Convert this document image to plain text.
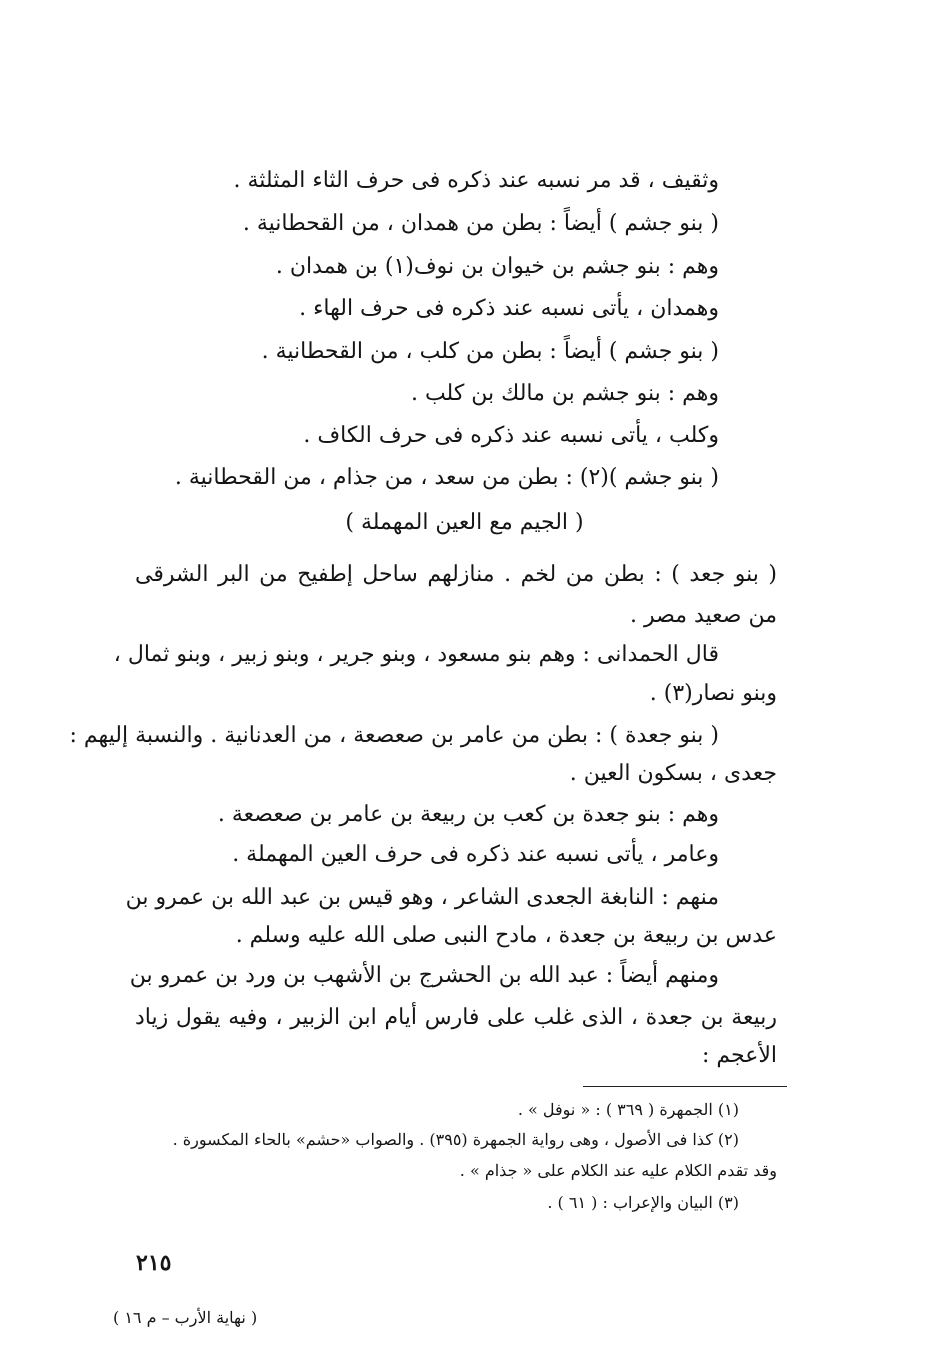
وثقيف ، قد مر نسبه عند ذكره فى حرف الثاء المثلثة .
( بنو جشم ) أيضاً : بطن من همدان ، من القحطانية .
وهم : بنو جشم بن خيوان بن نوف(١) بن همدان .
وهمدان ، يأتى نسبه عند ذكره فى حرف الهاء .
( بنو جشم ) أيضاً : بطن من كلب ، من القحطانية .
وهم : بنو جشم بن مالك بن كلب .
وكلب ، يأتى نسبه عند ذكره فى حرف الكاف .
( بنو جشم )(٢) : بطن من سعد ، من جذام ، من القحطانية .
( الجيم مع العين المهملة )
( بنو جعد ) : بطن من لخم . منازلهم ساحل إطفيح من البر الشرقى
من صعيد مصر .
قال الحمدانى : وهم بنو مسعود ، وبنو جرير ، وبنو زبير ، وبنو ثمال ،
وبنو نصار(٣) .
( بنو جعدة ) : بطن من عامر بن صعصعة ، من العدنانية . والنسبة إليهم :
جعدى ، بسكون العين .
وهم : بنو جعدة بن كعب بن ربيعة بن عامر بن صعصعة .
وعامر ، يأتى نسبه عند ذكره فى حرف العين المهملة .
منهم : النابغة الجعدى الشاعر ، وهو قيس بن عبد الله بن عمرو بن
عدس بن ربيعة بن جعدة ، مادح النبى صلى الله عليه وسلم .
ومنهم أيضاً : عبد الله بن الحشرج بن الأشهب بن ورد بن عمرو بن
ربيعة بن جعدة ، الذى غلب على فارس أيام ابن الزبير ، وفيه يقول زياد
الأعجم :
(١) الجمهرة ( ٣٦٩ ) : « نوفل » .
(٢) كذا فى الأصول ، وهى رواية الجمهرة (٣٩٥) . والصواب «حشم» بالحاء المكسورة .
وقد تقدم الكلام عليه عند الكلام على « جذام » .
(٣) البيان والإعراب : ( ٦١ ) .
٢١٥
( نهاية الأرب – م ١٦ )
